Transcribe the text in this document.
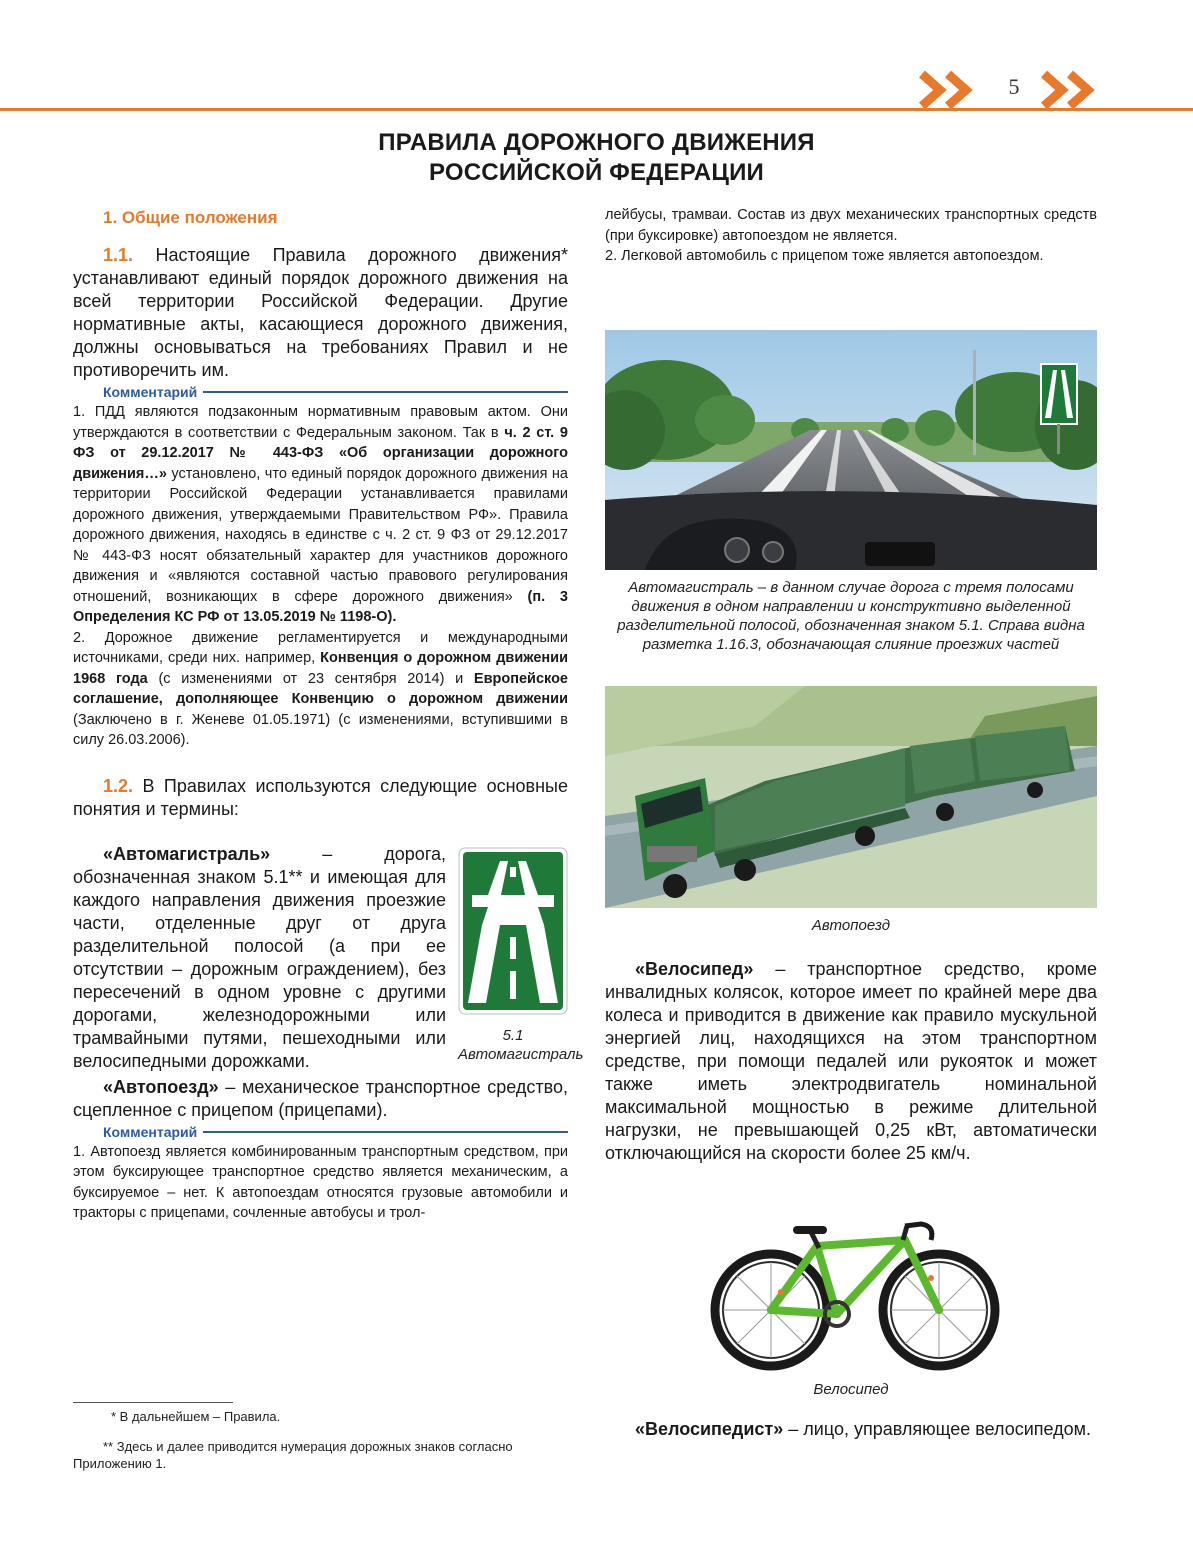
5
ПРАВИЛА ДОРОЖНОГО ДВИЖЕНИЯ
РОССИЙСКОЙ ФЕДЕРАЦИИ
1. Общие положения

1.1. Настоящие Правила дорожного движения* устанавливают единый порядок дорожного движения на всей территории Российской Федерации. Другие нормативные акты, касающиеся дорожного движения, должны основываться на требованиях Правил и не противоречить им.

Комментарий

1. ПДД являются подзаконным нормативным правовым актом. Они утверждаются в соответствии с Федеральным законом. Так в ч. 2 ст. 9 ФЗ от 29.12.2017 № 443-ФЗ «Об организации дорожного движения…» установлено, что единый порядок дорожного движения на территории Российской Федерации устанавливается правилами дорожного движения, утверждаемыми Правительством РФ». Правила дорожного движения, находясь в единстве с ч. 2 ст. 9 ФЗ от 29.12.2017 № 443-ФЗ носят обязательный характер для участников дорожного движения и «являются составной частью правового регулирования отношений, возникающих в сфере дорожного движения» (п. 3 Определения КС РФ от 13.05.2019 № 1198-О).

2. Дорожное движение регламентируется и международными источниками, среди них. например, Конвенция о дорожном движении 1968 года (с изменениями от 23 сентября 2014) и Европейское соглашение, дополняющее Конвенцию о дорожном движении (Заключено в г. Женеве 01.05.1971) (с изменениями, вступившими в силу 26.03.2006).

1.2. В Правилах используются следующие основные понятия и термины:

5.1 Автомагистраль

«Автомагистраль» – дорога, обозначенная знаком 5.1** и имеющая для каждого направления движения проезжие части, отделенные друг от друга разделительной полосой (а при ее отсутствии – дорожным ограждением), без пересечений в одном уровне с другими дорогами, железнодорожными или трамвайными путями, пешеходными или велосипедными дорожками.

«Автопоезд» – механическое транспортное средство, сцепленное с прицепом (прицепами).

Комментарий

1. Автопоезд является комбинированным транспортным средством, при этом буксирующее транспортное средство является механическим, а буксируемое – нет. К автопоездам относятся грузовые автомобили и тракторы с прицепами, сочленные автобусы и трол-

* В дальнейшем – Правила.
** Здесь и далее приводится нумерация дорожных знаков согласно Приложению 1.

лейбусы, трамваи. Состав из двух механических транспортных средств (при буксировке) автопоездом не является.

2. Легковой автомобиль с прицепом тоже является автопоездом.

Автомагистраль – в данном случае дорога с тремя полосами движения в одном направлении и конструктивно выделенной разделительной полосой, обозначенная знаком 5.1. Справа видна разметка 1.16.3, обозначающая слияние проезжих частей
Автопоезд

«Велосипед» – транспортное средство, кроме инвалидных колясок, которое имеет по крайней мере два колеса и приводится в движение как правило мускульной энергией лиц, находящихся на этом транспортном средстве, при помощи педалей или рукояток и может также иметь электродвигатель номинальной максимальной мощностью в режиме длительной нагрузки, не превышающей 0,25 кВт, автоматически отключающийся на скорости более 25 км/ч.

Велосипед

«Велосипедист» – лицо, управляющее велосипедом.
